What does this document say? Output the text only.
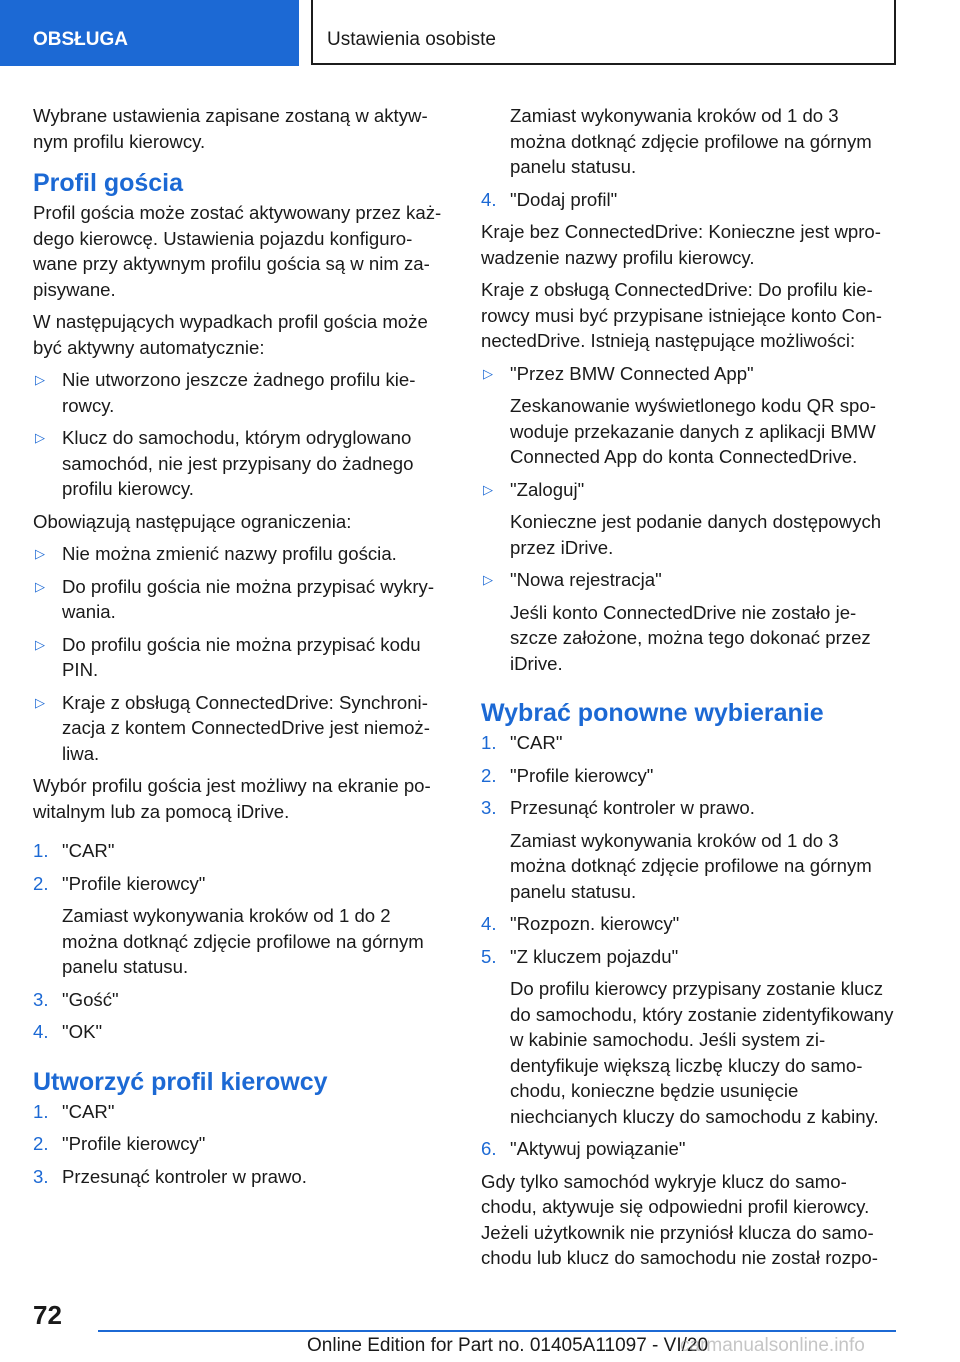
OBSŁUGA	Ustawienia osobiste

Wybrane ustawienia zapisane zostaną w aktywnym profilu kierowcy.

Profil gościa

Profil gościa może zostać aktywowany przez każdego kierowcę. Ustawienia pojazdu konfigurowane przy aktywnym profilu gościa są w nim zapisywane.

W następujących wypadkach profil gościa może być aktywny automatycznie:

▷ Nie utworzono jeszcze żadnego profilu kierowcy.
▷ Klucz do samochodu, którym odryglowano samochód, nie jest przypisany do żadnego profilu kierowcy.

Obowiązują następujące ograniczenia:

▷ Nie można zmienić nazwy profilu gościa.
▷ Do profilu gościa nie można przypisać wykrywania.
▷ Do profilu gościa nie można przypisać kodu PIN.
▷ Kraje z obsługą ConnectedDrive: Synchronizacja z kontem ConnectedDrive jest niemożliwa.

Wybór profilu gościa jest możliwy na ekranie powitalnym lub za pomocą iDrive.

1. "CAR"
2. "Profile kierowcy"
Zamiast wykonywania kroków od 1 do 2 można dotknąć zdjęcie profilowe na górnym panelu statusu.
3. "Gość"
4. "OK"
Utworzyć profil kierowcy
1. "CAR"
2. "Profile kierowcy"
3. Przesunąć kontroler w prawo.
Zamiast wykonywania kroków od 1 do 3 można dotknąć zdjęcie profilowe na górnym panelu statusu.
4. "Dodaj profil"

Kraje bez ConnectedDrive: Konieczne jest wprowadzenie nazwy profilu kierowcy.

Kraje z obsługą ConnectedDrive: Do profilu kierowcy musi być przypisane istniejące konto ConnectedDrive. Istnieją następujące możliwości:

▷ "Przez BMW Connected App"
Zeskanowanie wyświetlonego kodu QR spowoduje przekazanie danych z aplikacji BMW Connected App do konta ConnectedDrive.
▷ "Zaloguj"
Konieczne jest podanie danych dostępowych przez iDrive.
▷ "Nowa rejestracja"
Jeśli konto ConnectedDrive nie zostało jeszcze założone, można tego dokonać przez iDrive.
Wybrać ponowne wybieranie
1. "CAR"
2. "Profile kierowcy"
3. Przesunąć kontroler w prawo.
Zamiast wykonywania kroków od 1 do 3 można dotknąć zdjęcie profilowe na górnym panelu statusu.
4. "Rozpozn. kierowcy"
5. "Z kluczem pojazdu"
Do profilu kierowcy przypisany zostanie klucz do samochodu, który zostanie zidentyfikowany w kabinie samochodu. Jeśli system zidentyfikuje większą liczbę kluczy do samochodu, konieczne będzie usunięcie niechcianych kluczy do samochodu z kabiny.
6. "Aktywuj powiązanie"

Gdy tylko samochód wykryje klucz do samochodu, aktywuje się odpowiedni profil kierowcy. Jeżeli użytkownik nie przyniósł klucza do samochodu lub klucz do samochodu nie został rozpo-

72
Online Edition for Part no. 01405A11097 - VI/20
carmanualsonline.info
